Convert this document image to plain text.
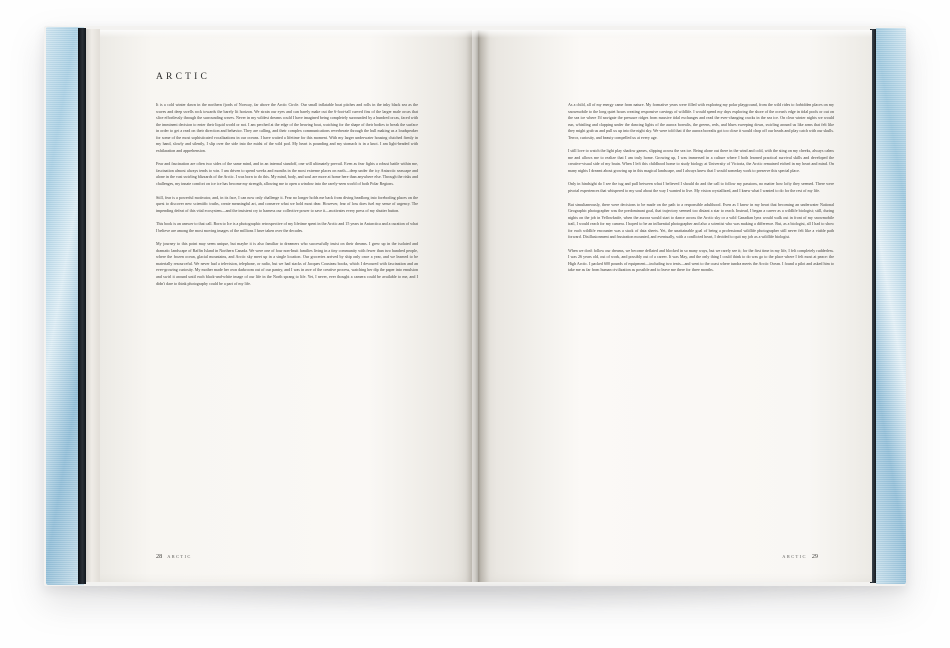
ARCTIC

It is a cold winter dawn in the northern fjords of Norway, far above the Arctic Circle. Our small inflatable boat pitches and rolls in the inky black sea as the waves and deep swells rock towards the barely lit horizon. We strain our eyes and can barely make out the 6-foot-tall curved fins of the larger male orcas that slice effortlessly through the surrounding waves. Never in my wildest dreams could I have imagined being completely surrounded by a hundred orcas, faced with the imminent decision to enter their liquid world or not. I am perched at the edge of the heaving boat, watching for the shape of their bodies to break the surface in order to get a read on their direction and behavior. They are calling, and their complex communications reverberate through the hull making us a loudspeaker for some of the most sophisticated vocalizations in our oceans. I have waited a lifetime for this moment. With my larger underwater housing clutched firmly in my hand, slowly and silently, I slip over the side into the midst of the wild pod. My heart is pounding and my stomach is in a knot. I am light-headed with exhilaration and apprehension.

Fear and fascination are often two sides of the same mind, and in an internal standoff, one will ultimately prevail. Even as fear fights a robust battle within me, fascination almost always tends to win. I am driven to spend weeks and months in the most extreme places on earth—deep under the icy Antarctic seascape and alone in the vast swirling blizzards of the Arctic. I was born to do this. My mind, body, and soul are more at home here than anywhere else. Through the risks and challenges, my innate comfort on ice ice has become my strength, allowing me to open a window into the rarely-seen world of both Polar Regions.

Still, fear is a powerful motivator, and, in its face, I can now only challenge it. Fear no longer holds me back from diving headlong into foreboding places on the quest to discover new scientific truths, create meaningful art, and conserve what we hold most dear. However, fear of loss does fuel my sense of urgency. The impending defeat of this vital ecosystem—and the insistent cry to harness our collective power to save it—motivates every press of my shutter button.

This book is an answer to that call. Born to Ice is a photographic retrospective of my lifetime spent in the Arctic and 15 years in Antarctica and a curation of what I believe are among the most moving images of the millions I have taken over the decades.

My journey to this point may seem unique, but maybe it is also familiar to dreamers who successfully insist on their dreams. I grew up in the isolated and dramatic landscape of Baffin Island in Northern Canada. We were one of four non-Inuit families living in a tiny community with fewer than two hundred people, where the frozen ocean, glacial mountains, and Arctic sky meet up in a single location. Our groceries arrived by ship only once a year, and we learned to be materially resourceful. We never had a television, telephone, or radio, but we had stacks of Jacques Cousteau books, which I devoured with fascination and an ever-growing curiosity. My mother made her own darkroom out of our pantry, and I was in awe of the creative process, watching her dip the paper into emulsion and swirl it around until each black-and-white image of our life in the North sprang to life. Yet, I never, ever thought a camera could be available to me, and I didn't dare to think photography could be a part of my life.

28 ARCTIC

As a child, all of my energy came from nature. My formative years were filled with exploring my polar playground, from the wild rides to forbidden places on my snowmobile to the long quiet hours creating responsive carvings of wildlife. I would spend my days exploring the shore of the ocean's edge in tidal pools or out on the sea ice where I'd navigate the pressure ridges from massive tidal exchanges and read the ever-changing cracks in the sea ice. On clear winter nights we would run, whistling and clapping under the dancing lights of the aurora borealis, the greens, reds, and blues sweeping down, swirling around us like arms that felt like they might grab us and pull us up into the night sky. We were told that if the aurora borealis got too close it would chop off our heads and play catch with our skulls. Terror, curiosity, and beauty compelled us at every age.

I still love to watch the light play shadow games, slipping across the sea ice. Being alone out there in the wind and cold, with the sting on my cheeks, always calms me and allows me to realize that I am truly home. Growing up, I was immersed in a culture where I both learned practical survival skills and developed the creative-visual side of my brain. When I left this childhood home to study biology at University of Victoria, the Arctic remained etched in my heart and mind. On many nights I dreamt about growing up in this magical landscape, and I always knew that I would someday work to preserve this special place.

Only in hindsight do I see the tug and pull between what I believed I should do and the call to follow my passions, no matter how lofty they seemed. There were pivotal experiences that whispered to my soul about the way I wanted to live. My vision crystallized, and I knew what I wanted to do for the rest of my life.

But simultaneously, there were decisions to be made on the path to a responsible adulthood. Even as I knew in my heart that becoming an underwater National Geographic photographer was the predominant goal, that trajectory seemed too distant a star to reach. Instead, I began a career as a wildlife biologist; still, during nights on the job in Yellowknife, when the aurora would start to dance across the Arctic sky or a wild Canadian lynx would walk out in front of my snowmobile trail, I would reach for my camera. I hoped to be an influential photographer and also a scientist who was making a difference. But, as a biologist, all I had to show for each wildlife encounter was a stack of data sheets. Yet, the unattainable goal of being a professional wildlife photographer still never felt like a viable path forward. Disillusionment and frustration mounted, and eventually, with a conflicted heart, I decided to quit my job as a wildlife biologist.

When we don't follow our dreams, we become deflated and blocked in so many ways, but we rarely see it; for the first time in my life, I felt completely rudderless. I was 26 years old, out of work, and possibly out of a career. It was May, and the only thing I could think to do was go to the place where I felt most at peace: the High Arctic. I packed 600 pounds of equipment—including two tents—and went to the coast where tundra meets the Arctic Ocean. I found a pilot and asked him to take me as far from human civilization as possible and to leave me there for three months.

ARCTIC 29
